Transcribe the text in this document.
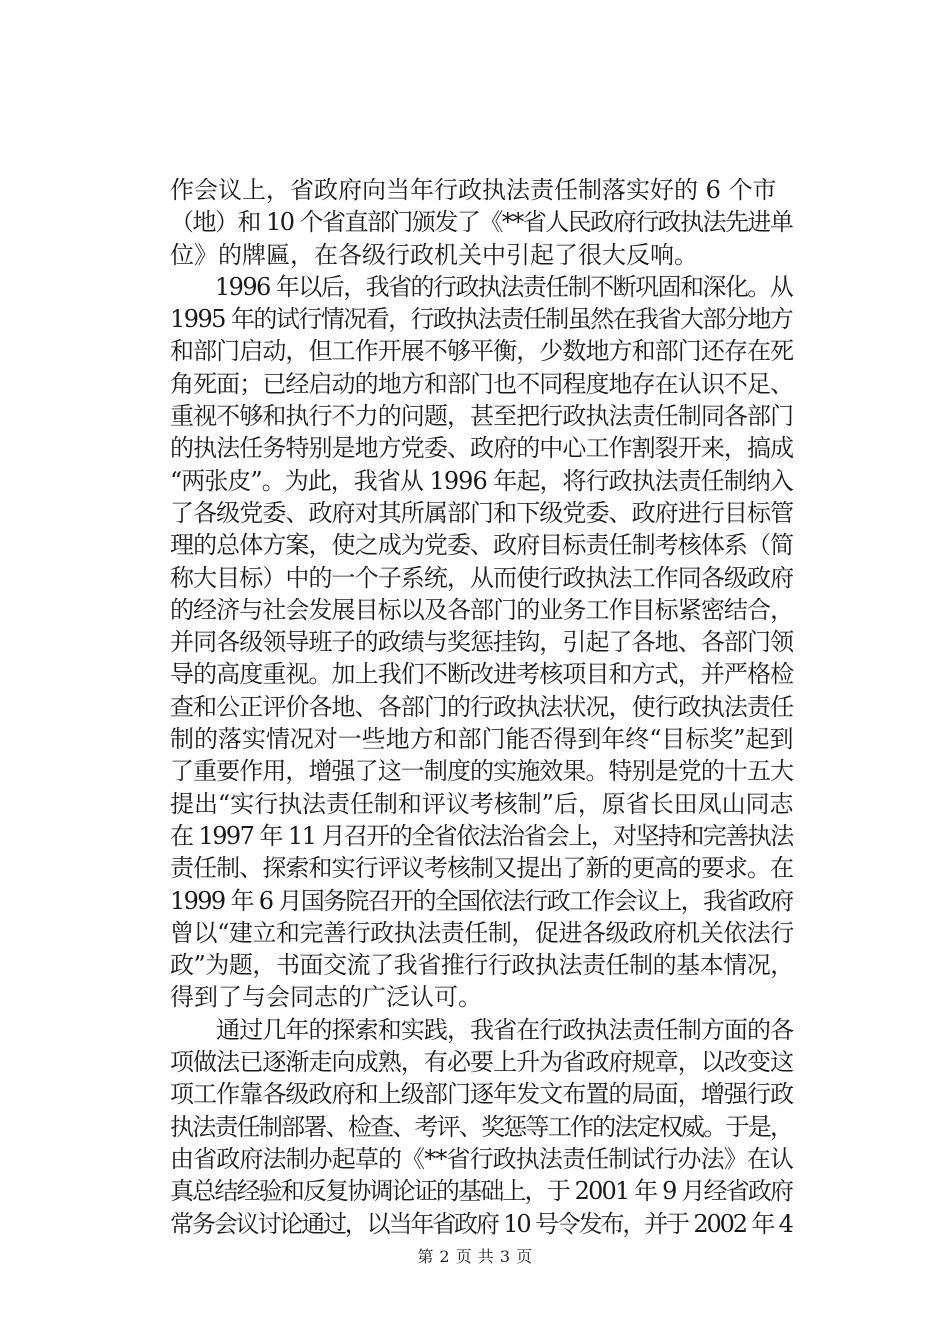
作会议上，省政府向当年行政执法责任制落实好的 6 个市
（地）和 10 个省直部门颁发了《**省人民政府行政执法先进单
位》的牌匾，在各级行政机关中引起了很大反响。
　　1996 年以后，我省的行政执法责任制不断巩固和深化。从
1995 年的试行情况看，行政执法责任制虽然在我省大部分地方
和部门启动，但工作开展不够平衡，少数地方和部门还存在死
角死面；已经启动的地方和部门也不同程度地存在认识不足、
重视不够和执行不力的问题，甚至把行政执法责任制同各部门
的执法任务特别是地方党委、政府的中心工作割裂开来，搞成
“两张皮”。为此，我省从 1996 年起，将行政执法责任制纳入
了各级党委、政府对其所属部门和下级党委、政府进行目标管
理的总体方案，使之成为党委、政府目标责任制考核体系（简
称大目标）中的一个子系统，从而使行政执法工作同各级政府
的经济与社会发展目标以及各部门的业务工作目标紧密结合，
并同各级领导班子的政绩与奖惩挂钩，引起了各地、各部门领
导的高度重视。加上我们不断改进考核项目和方式，并严格检
查和公正评价各地、各部门的行政执法状况，使行政执法责任
制的落实情况对一些地方和部门能否得到年终“目标奖”起到
了重要作用，增强了这一制度的实施效果。特别是党的十五大
提出“实行执法责任制和评议考核制”后，原省长田凤山同志
在 1997 年 11 月召开的全省依法治省会上，对坚持和完善执法
责任制、探索和实行评议考核制又提出了新的更高的要求。在
1999 年 6 月国务院召开的全国依法行政工作会议上，我省政府
曾以“建立和完善行政执法责任制，促进各级政府机关依法行
政”为题，书面交流了我省推行行政执法责任制的基本情况，
得到了与会同志的广泛认可。
　　通过几年的探索和实践，我省在行政执法责任制方面的各
项做法已逐渐走向成熟，有必要上升为省政府规章，以改变这
项工作靠各级政府和上级部门逐年发文布置的局面，增强行政
执法责任制部署、检查、考评、奖惩等工作的法定权威。于是，
由省政府法制办起草的《**省行政执法责任制试行办法》在认
真总结经验和反复协调论证的基础上，于 2001 年 9 月经省政府
常务会议讨论通过，以当年省政府 10 号令发布，并于 2002 年 4
第 2 页 共 3 页
